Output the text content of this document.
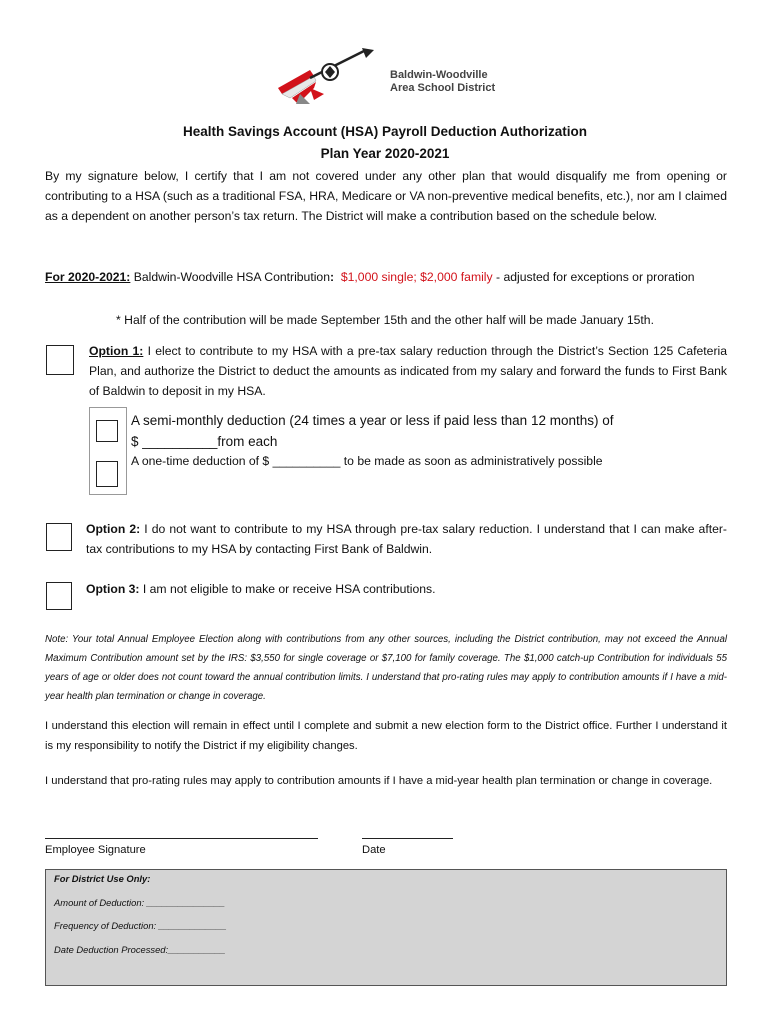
Baldwin-Woodville
Area School District
Health Savings Account (HSA) Payroll Deduction Authorization
Plan Year 2020-2021
By my signature below, I certify that I am not covered under any other plan that would disqualify me from opening or contributing to a HSA (such as a traditional FSA, HRA, Medicare or VA non-preventive medical benefits, etc.), nor am I claimed as a dependent on another person’s tax return. The District will make a contribution based on the schedule below.
For 2020-2021: Baldwin-Woodville HSA Contribution: $1,000 single; $2,000 family - adjusted for exceptions or proration
* Half of the contribution will be made September 15th and the other half will be made January 15th.
Option 1: I elect to contribute to my HSA with a pre-tax salary reduction through the District’s Section 125 Cafeteria Plan, and authorize the District to deduct the amounts as indicated from my salary and forward the funds to First Bank of Baldwin to deposit in my HSA.
A semi-monthly deduction (24 times a year or less if paid less than 12 months) of
$ __________from each
A one-time deduction of $ __________ to be made as soon as administratively possible
Option 2: I do not want to contribute to my HSA through pre-tax salary reduction. I understand that I can make after-tax contributions to my HSA by contacting First Bank of Baldwin.
Option 3: I am not eligible to make or receive HSA contributions.
Note: Your total Annual Employee Election along with contributions from any other sources, including the District contribution, may not exceed the Annual Maximum Contribution amount set by the IRS: $3,550 for single coverage or $7,100 for family coverage. The $1,000 catch-up Contribution for individuals 55 years of age or older does not count toward the annual contribution limits. I understand that pro-rating rules may apply to contribution amounts if I have a mid-year health plan termination or change in coverage.
I understand this election will remain in effect until I complete and submit a new election form to the District office. Further I understand it is my responsibility to notify the District if my eligibility changes.
I understand that pro-rating rules may apply to contribution amounts if I have a mid-year health plan termination or change in coverage.
Employee Signature	Date
For District Use Only:
Amount of Deduction: _______________
Frequency of Deduction: _____________
Date Deduction Processed:___________
